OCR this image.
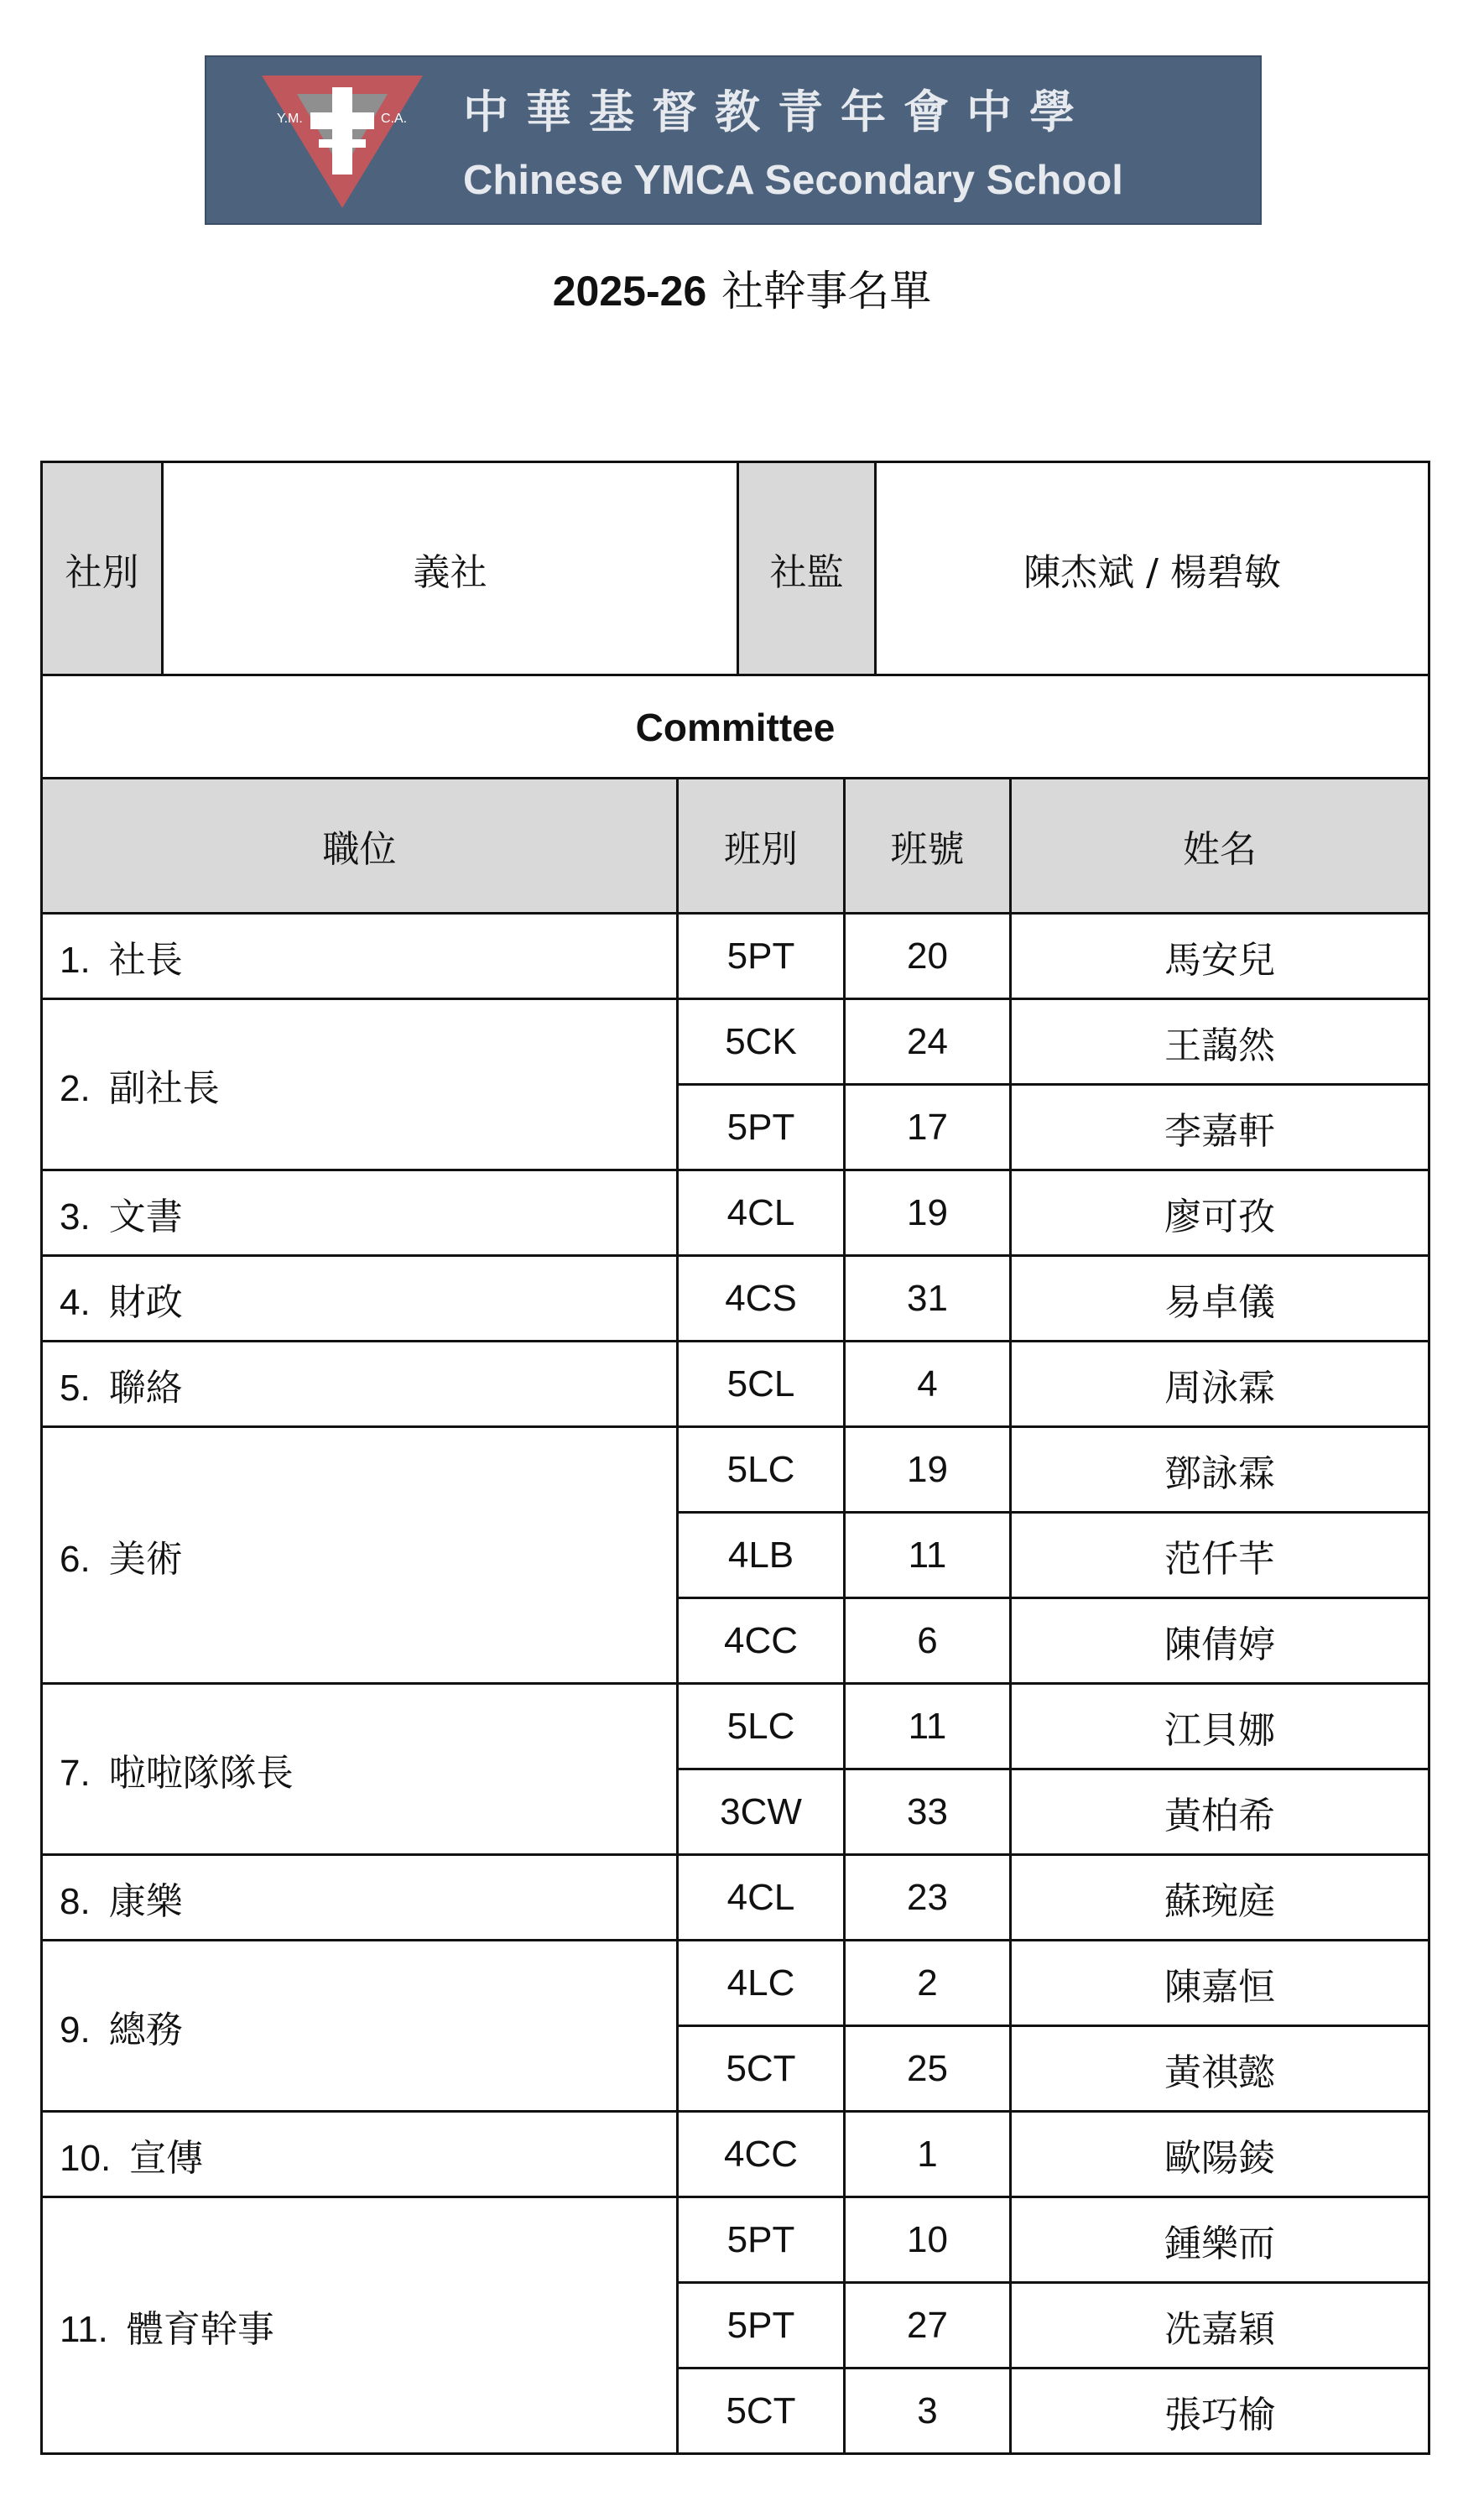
Y.M.	C.A. 中華基督教青年會中學
Chinese YMCA Secondary School
2025-26 社幹事名單
社別	義社	社監	陳杰斌 / 楊碧敏
Committee
職位	班別	班號	姓名
1. 社長	5PT	20	馬安兒
2. 副社長	5CK	24	王藹然
	5PT	17	李嘉軒
3. 文書	4CL	19	廖可孜
4. 財政	4CS	31	易卓儀
5. 聯絡	5CL	4	周泳霖
6. 美術	5LC	19	鄧詠霖
	4LB	11	范仟芊
	4CC	6	陳倩婷
7. 啦啦隊隊長	5LC	11	江貝娜
	3CW	33	黃柏希
8. 康樂	4CL	23	蘇琬庭
9. 總務	4LC	2	陳嘉恒
	5CT	25	黃祺懿
10. 宣傳	4CC	1	歐陽錂
11. 體育幹事	5PT	10	鍾樂而
	5PT	27	冼嘉穎
	5CT	3	張巧榆
